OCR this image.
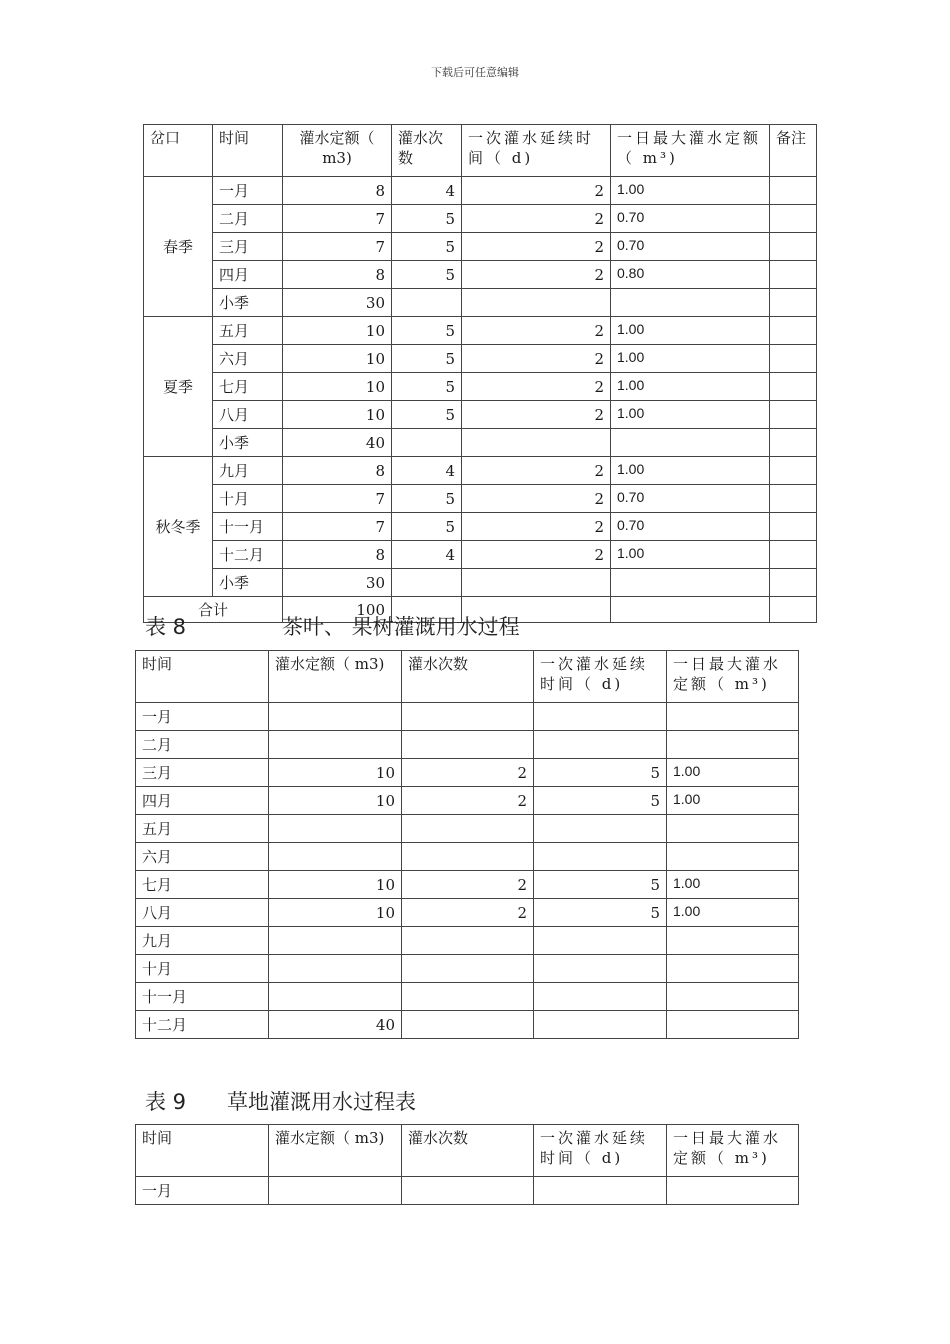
下载后可任意编辑
岔口	时间	灌水定额（ m3)	灌水次数	一次灌水延续时间（ d)	一日最大灌水定额（ m³)	备注
春季	一月	8	4	2	1.00	
	二月	7	5	2	0.70	
	三月	7	5	2	0.70	
	四月	8	5	2	0.80	
	小季	30				
夏季	五月	10	5	2	1.00	
	六月	10	5	2	1.00	
	七月	10	5	2	1.00	
	八月	10	5	2	1.00	
	小季	40				
秋冬季	九月	8	4	2	1.00	
	十月	7	5	2	0.70	
	十一月	7	5	2	0.70	
	十二月	8	4	2	1.00	
	小季	30				
合计		100				
表 8	茶叶、 果树灌溉用水过程
时间	灌水定额（ m3)	灌水次数	一次灌水延续时间（ d)	一日最大灌水定额（ m³)
一月				
二月				
三月	10	2	5	1.00
四月	10	2	5	1.00
五月				
六月				
七月	10	2	5	1.00
八月	10	2	5	1.00
九月				
十月				
十一月				
十二月	40			
表 9 草地灌溉用水过程表
时间	灌水定额（ m3)	灌水次数	一次灌水延续时间（ d)	一日最大灌水定额（ m³)
一月				
